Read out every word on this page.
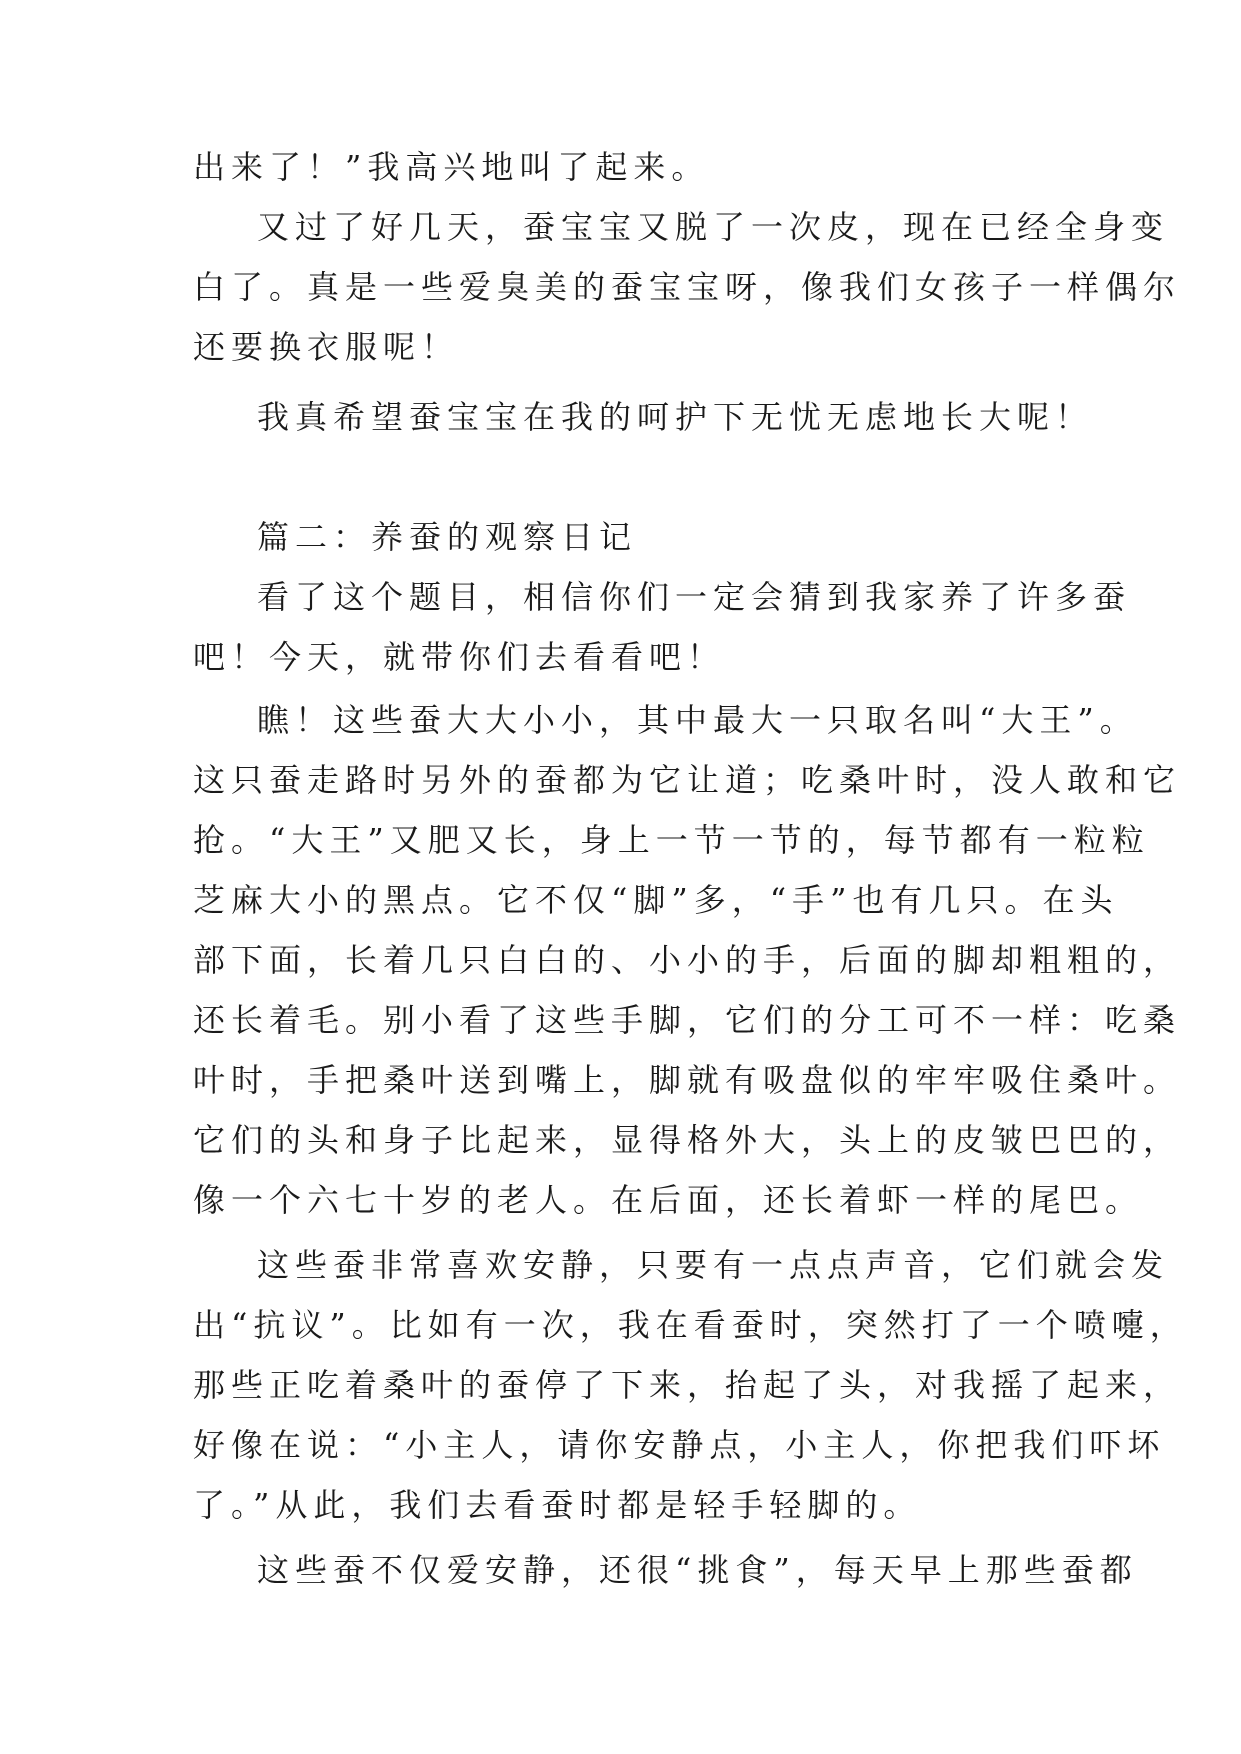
出来了！”我高兴地叫了起来。
又过了好几天，蚕宝宝又脱了一次皮，现在已经全身变
白了。真是一些爱臭美的蚕宝宝呀，像我们女孩子一样偶尔
还要换衣服呢！
我真希望蚕宝宝在我的呵护下无忧无虑地长大呢！
篇二：养蚕的观察日记
看了这个题目，相信你们一定会猜到我家养了许多蚕
吧！今天，就带你们去看看吧！
瞧！这些蚕大大小小，其中最大一只取名叫“大王”。
这只蚕走路时另外的蚕都为它让道；吃桑叶时，没人敢和它
抢。“大王”又肥又长，身上一节一节的，每节都有一粒粒
芝麻大小的黑点。它不仅“脚”多，“手”也有几只。在头
部下面，长着几只白白的、小小的手，后面的脚却粗粗的，
还长着毛。别小看了这些手脚，它们的分工可不一样：吃桑
叶时，手把桑叶送到嘴上，脚就有吸盘似的牢牢吸住桑叶。
它们的头和身子比起来，显得格外大，头上的皮皱巴巴的，
像一个六七十岁的老人。在后面，还长着虾一样的尾巴。
这些蚕非常喜欢安静，只要有一点点声音，它们就会发
出“抗议”。比如有一次，我在看蚕时，突然打了一个喷嚏，
那些正吃着桑叶的蚕停了下来，抬起了头，对我摇了起来，
好像在说：“小主人，请你安静点，小主人，你把我们吓坏
了。”从此，我们去看蚕时都是轻手轻脚的。
这些蚕不仅爱安静，还很“挑食”，每天早上那些蚕都
